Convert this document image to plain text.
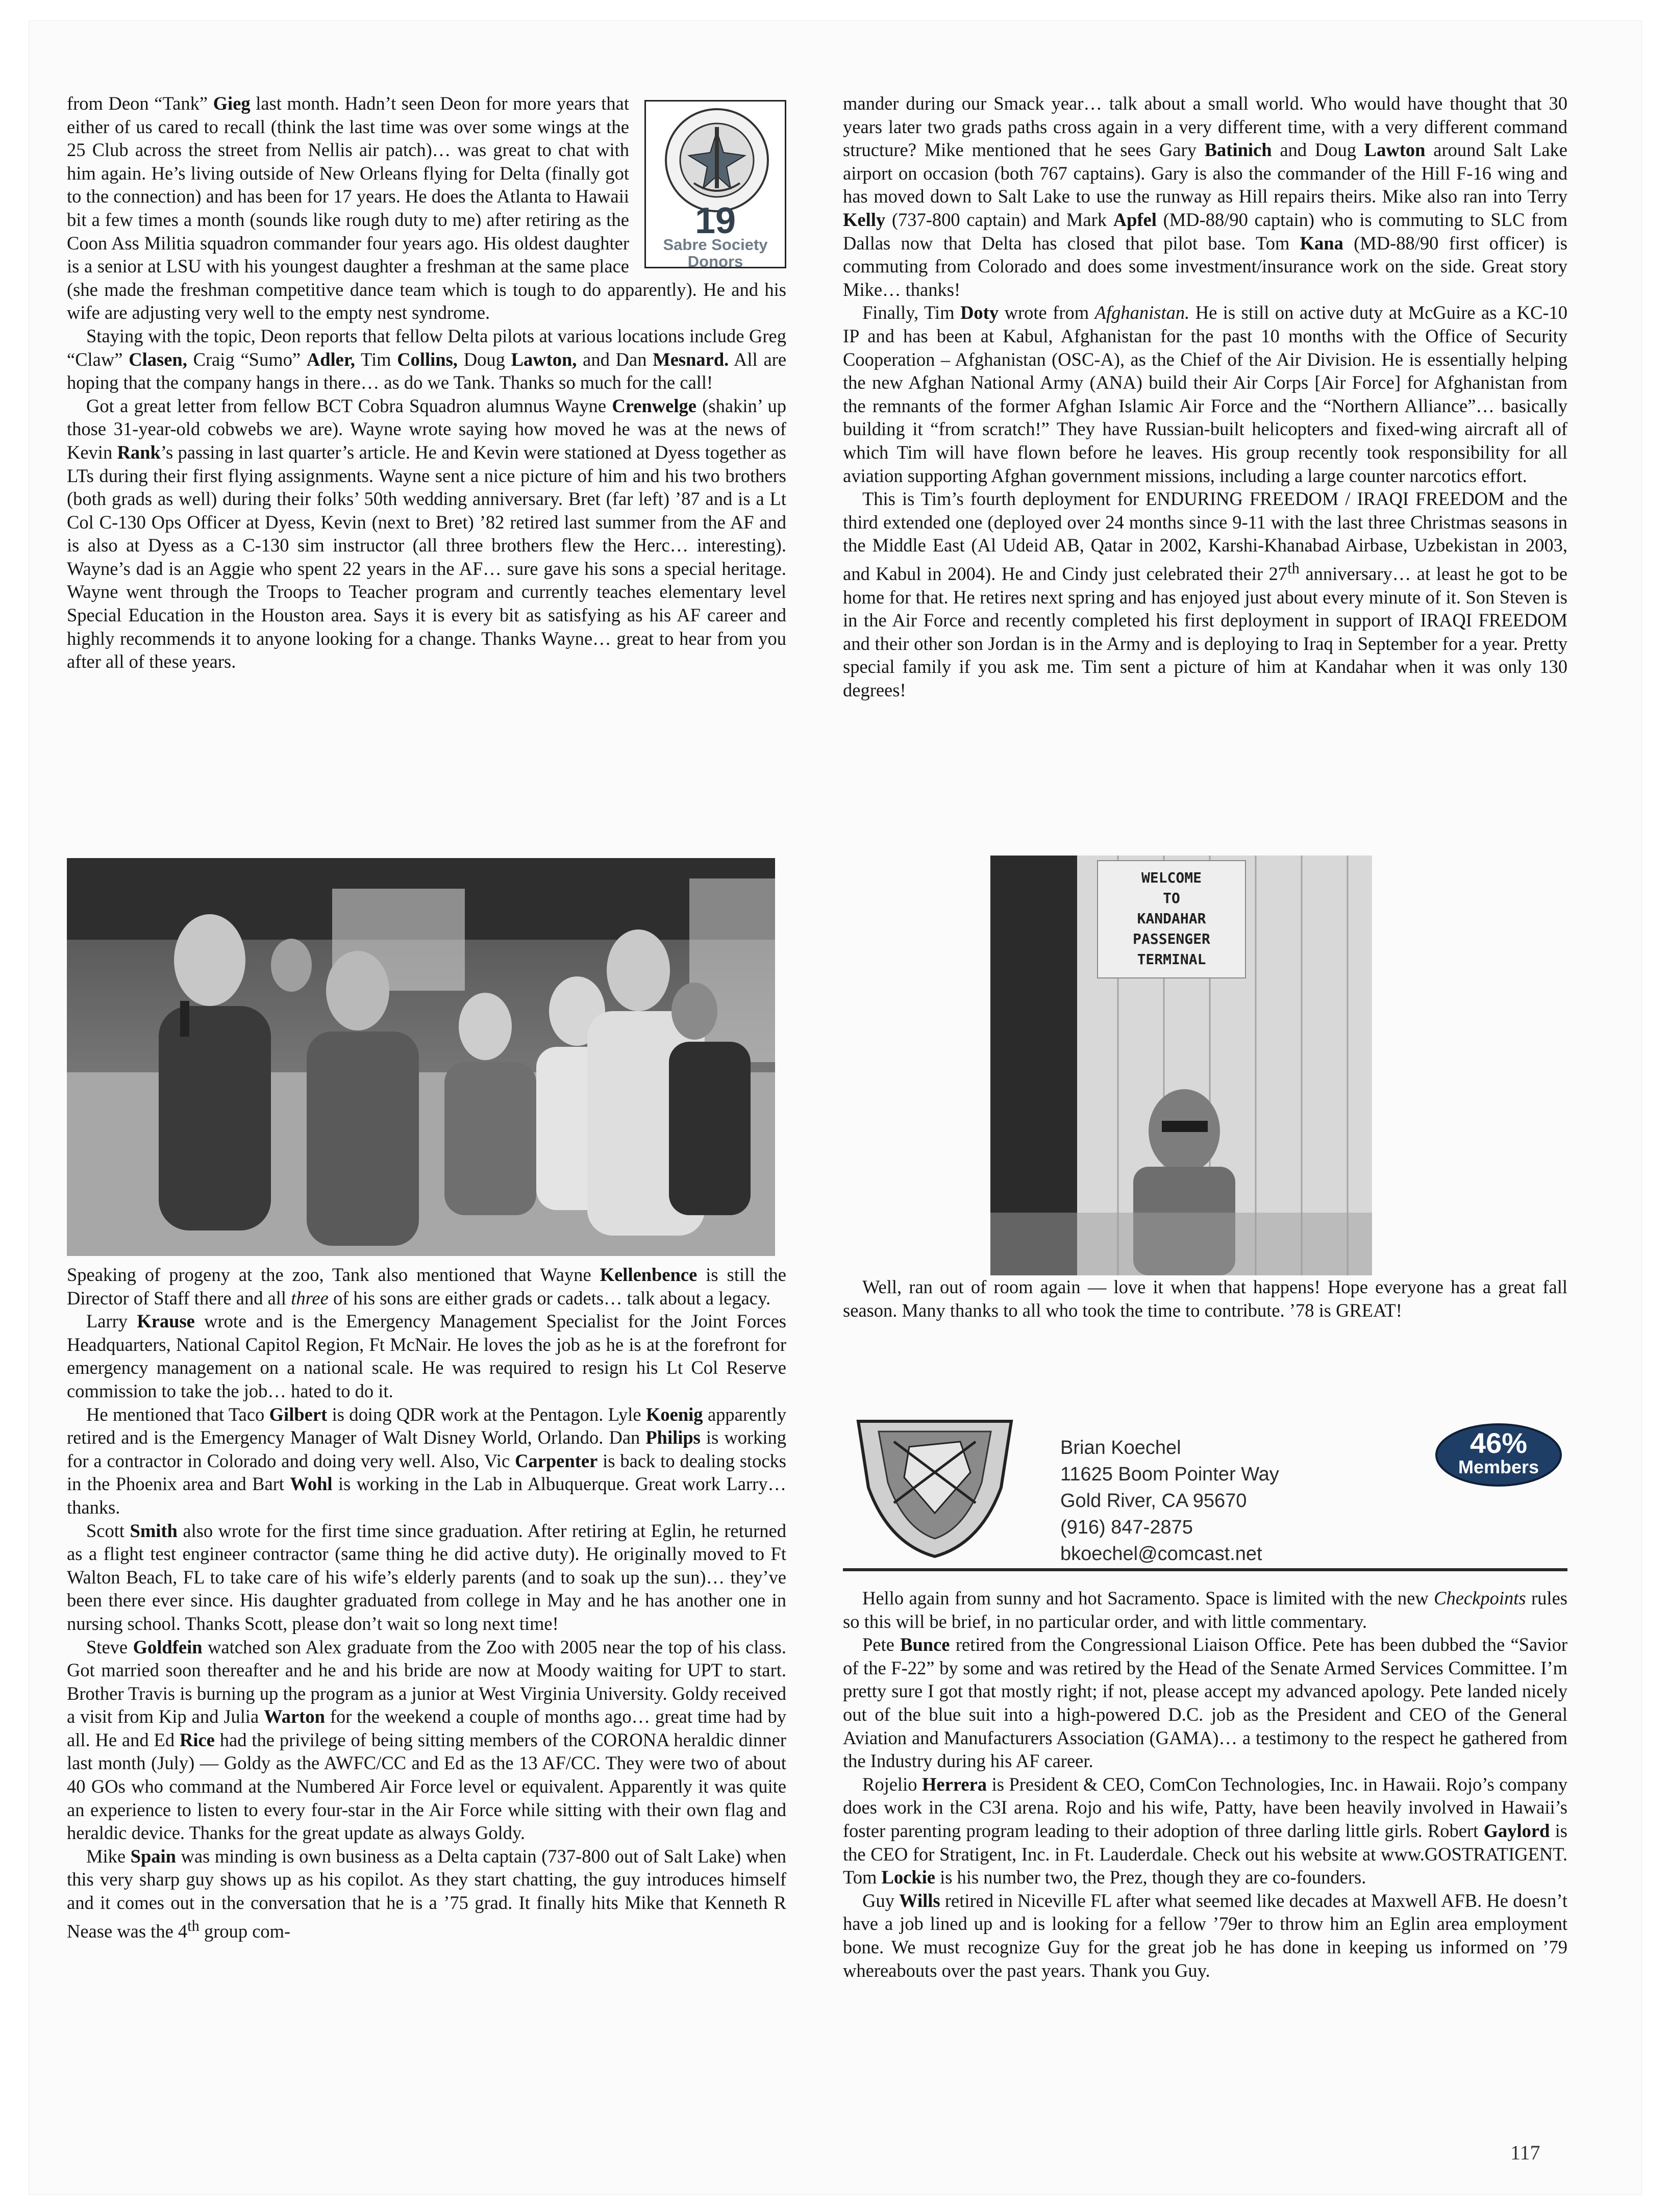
19
Sabre Society
Donors

from Deon “Tank” Gieg last month. Hadn’t seen Deon for more years that either of us cared to recall (think the last time was over some wings at the 25 Club across the street from Nellis air patch)… was great to chat with him again. He’s living outside of New Orleans flying for Delta (finally got to the connection) and has been for 17 years. He does the Atlanta to Hawaii bit a few times a month (sounds like rough duty to me) after retiring as the Coon Ass Militia squadron commander four years ago. His oldest daughter is a senior at LSU with his youngest daughter a freshman at the same place (she made the freshman competitive dance team which is tough to do apparently). He and his wife are adjusting very well to the empty nest syndrome.

Staying with the topic, Deon reports that fellow Delta pilots at various locations include Greg “Claw” Clasen, Craig “Sumo” Adler, Tim Collins, Doug Lawton, and Dan Mesnard. All are hoping that the company hangs in there… as do we Tank. Thanks so much for the call!

Got a great letter from fellow BCT Cobra Squadron alumnus Wayne Crenwelge (shakin’ up those 31-year-old cobwebs we are). Wayne wrote saying how moved he was at the news of Kevin Rank’s passing in last quarter’s article. He and Kevin were stationed at Dyess together as LTs during their first flying assignments. Wayne sent a nice picture of him and his two brothers (both grads as well) during their folks’ 50th wedding anniversary. Bret (far left) ’87 and is a Lt Col C-130 Ops Officer at Dyess, Kevin (next to Bret) ’82 retired last summer from the AF and is also at Dyess as a C-130 sim instructor (all three brothers flew the Herc… interesting). Wayne’s dad is an Aggie who spent 22 years in the AF… sure gave his sons a special heritage. Wayne went through the Troops to Teacher program and currently teaches elementary level Special Education in the Houston area. Says it is every bit as satisfying as his AF career and highly recommends it to anyone looking for a change. Thanks Wayne… great to hear from you after all of these years.

Speaking of progeny at the zoo, Tank also mentioned that Wayne Kellenbence is still the Director of Staff there and all three of his sons are either grads or cadets… talk about a legacy.

Larry Krause wrote and is the Emergency Management Specialist for the Joint Forces Headquarters, National Capitol Region, Ft McNair. He loves the job as he is at the forefront for emergency management on a national scale. He was required to resign his Lt Col Reserve commission to take the job… hated to do it.

He mentioned that Taco Gilbert is doing QDR work at the Pentagon. Lyle Koenig apparently retired and is the Emergency Manager of Walt Disney World, Orlando. Dan Philips is working for a contractor in Colorado and doing very well. Also, Vic Carpenter is back to dealing stocks in the Phoenix area and Bart Wohl is working in the Lab in Albuquerque. Great work Larry… thanks.

Scott Smith also wrote for the first time since graduation. After retiring at Eglin, he returned as a flight test engineer contractor (same thing he did active duty). He originally moved to Ft Walton Beach, FL to take care of his wife’s elderly parents (and to soak up the sun)… they’ve been there ever since. His daughter graduated from college in May and he has another one in nursing school. Thanks Scott, please don’t wait so long next time!

Steve Goldfein watched son Alex graduate from the Zoo with 2005 near the top of his class. Got married soon thereafter and he and his bride are now at Moody waiting for UPT to start. Brother Travis is burning up the program as a junior at West Virginia University. Goldy received a visit from Kip and Julia Warton for the weekend a couple of months ago… great time had by all. He and Ed Rice had the privilege of being sitting members of the CORONA heraldic dinner last month (July) — Goldy as the AWFC/CC and Ed as the 13 AF/CC. They were two of about 40 GOs who command at the Numbered Air Force level or equivalent. Apparently it was quite an experience to listen to every four-star in the Air Force while sitting with their own flag and heraldic device. Thanks for the great update as always Goldy.

Mike Spain was minding is own business as a Delta captain (737-800 out of Salt Lake) when this very sharp guy shows up as his copilot. As they start chatting, the guy introduces himself and it comes out in the conversation that he is a ’75 grad. It finally hits Mike that Kenneth R Nease was the 4th group com-

mander during our Smack year… talk about a small world. Who would have thought that 30 years later two grads paths cross again in a very different time, with a very different command structure? Mike mentioned that he sees Gary Batinich and Doug Lawton around Salt Lake airport on occasion (both 767 captains). Gary is also the commander of the Hill F-16 wing and has moved down to Salt Lake to use the runway as Hill repairs theirs. Mike also ran into Terry Kelly (737-800 captain) and Mark Apfel (MD-88/90 captain) who is commuting to SLC from Dallas now that Delta has closed that pilot base. Tom Kana (MD-88/90 first officer) is commuting from Colorado and does some investment/insurance work on the side. Great story Mike… thanks!

Finally, Tim Doty wrote from Afghanistan. He is still on active duty at McGuire as a KC-10 IP and has been at Kabul, Afghanistan for the past 10 months with the Office of Security Cooperation – Afghanistan (OSC-A), as the Chief of the Air Division. He is essentially helping the new Afghan National Army (ANA) build their Air Corps [Air Force] for Afghanistan from the remnants of the former Afghan Islamic Air Force and the “Northern Alliance”… basically building it “from scratch!” They have Russian-built helicopters and fixed-wing aircraft all of which Tim will have flown before he leaves. His group recently took responsibility for all aviation supporting Afghan government missions, including a large counter narcotics effort.

This is Tim’s fourth deployment for ENDURING FREEDOM / IRAQI FREEDOM and the third extended one (deployed over 24 months since 9-11 with the last three Christmas seasons in the Middle East (Al Udeid AB, Qatar in 2002, Karshi-Khanabad Airbase, Uzbekistan in 2003, and Kabul in 2004). He and Cindy just celebrated their 27th anniversary… at least he got to be home for that. He retires next spring and has enjoyed just about every minute of it. Son Steven is in the Air Force and recently completed his first deployment in support of IRAQI FREEDOM and their other son Jordan is in the Army and is deploying to Iraq in September for a year. Pretty special family if you ask me. Tim sent a picture of him at Kandahar when it was only 130 degrees!

WELCOME
TO
KANDAHAR
PASSENGER
TERMINAL

Well, ran out of room again — love it when that happens! Hope everyone has a great fall season. Many thanks to all who took the time to contribute. ’78 is GREAT!

Brian Koechel
11625 Boom Pointer Way
Gold River, CA 95670
(916) 847-2875
bkoechel@comcast.net
46%
Members

Hello again from sunny and hot Sacramento. Space is limited with the new Checkpoints rules so this will be brief, in no particular order, and with little commentary.

Pete Bunce retired from the Congressional Liaison Office. Pete has been dubbed the “Savior of the F-22” by some and was retired by the Head of the Senate Armed Services Committee. I’m pretty sure I got that mostly right; if not, please accept my advanced apology. Pete landed nicely out of the blue suit into a high-powered D.C. job as the President and CEO of the General Aviation and Manufacturers Association (GAMA)… a testimony to the respect he gathered from the Industry during his AF career.

Rojelio Herrera is President & CEO, ComCon Technologies, Inc. in Hawaii. Rojo’s company does work in the C3I arena. Rojo and his wife, Patty, have been heavily involved in Hawaii’s foster parenting program leading to their adoption of three darling little girls. Robert Gaylord is the CEO for Stratigent, Inc. in Ft. Lauderdale. Check out his website at www.GOSTRATIGENT. Tom Lockie is his number two, the Prez, though they are co-founders.

Guy Wills retired in Niceville FL after what seemed like decades at Maxwell AFB. He doesn’t have a job lined up and is looking for a fellow ’79er to throw him an Eglin area employment bone. We must recognize Guy for the great job he has done in keeping us informed on ’79 whereabouts over the past years. Thank you Guy.

117
